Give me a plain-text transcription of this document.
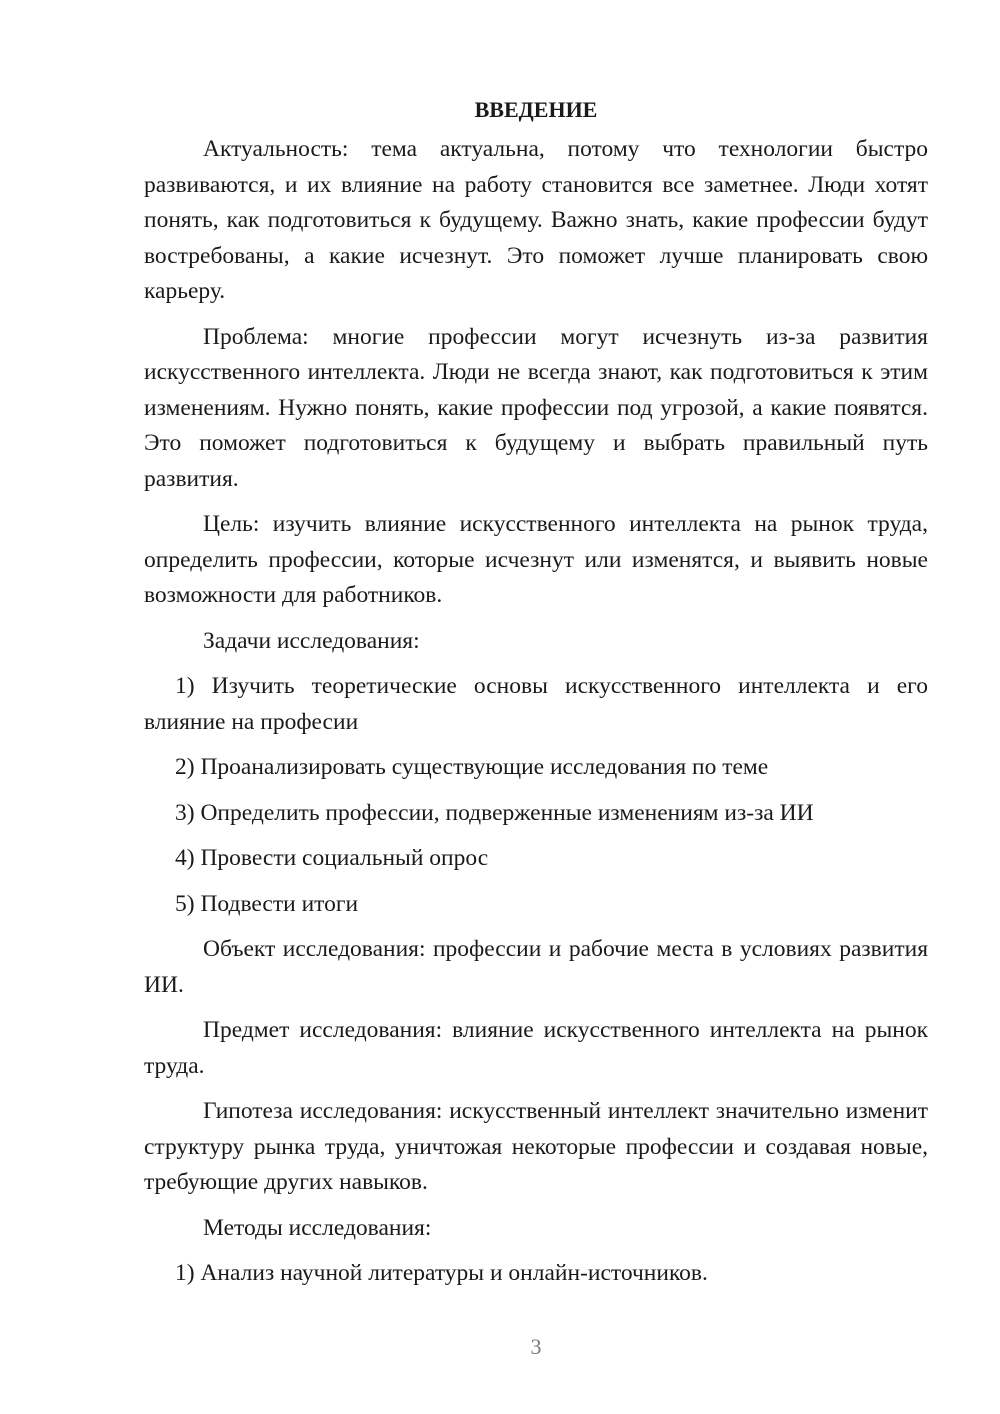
ВВЕДЕНИЕ

Актуальность: тема актуальна, потому что технологии быстро развиваются, и их влияние на работу становится все заметнее. Люди хотят понять, как подготовиться к будущему. Важно знать, какие профессии будут востребованы, а какие исчезнут. Это поможет лучше планировать свою карьеру.

Проблема: многие профессии могут исчезнуть из-за развития искусственного интеллекта. Люди не всегда знают, как подготовиться к этим изменениям. Нужно понять, какие профессии под угрозой, а какие появятся. Это поможет подготовиться к будущему и выбрать правильный путь развития.

Цель: изучить влияние искусственного интеллекта на рынок труда, определить профессии, которые исчезнут или изменятся, и выявить новые возможности для работников.

Задачи исследования:

1) Изучить теоретические основы искусственного интеллекта и его влияние на професии

2) Проанализировать существующие исследования по теме

3) Определить профессии, подверженные изменениям из-за ИИ

4) Провести социальный опрос

5) Подвести итоги

Объект исследования: профессии и рабочие места в условиях развития ИИ.

Предмет исследования: влияние искусственного интеллекта на рынок труда.

Гипотеза исследования: искусственный интеллект значительно изменит структуру рынка труда, уничтожая некоторые профессии и создавая новые, требующие других навыков.

Методы исследования:

1) Анализ научной литературы и онлайн-источников.

3
